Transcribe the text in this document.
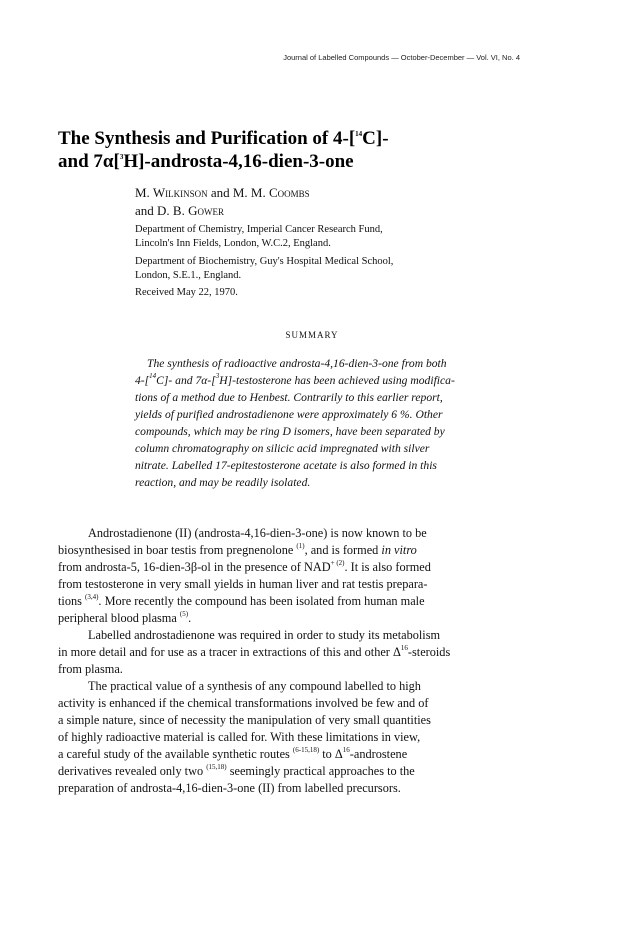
Journal of Labelled Compounds — October-December — Vol. VI, No. 4
The Synthesis and Purification of 4-[$^{14}$C]-
and 7α[$^3$H]-androsta-4,16-dien-3-one
M. Wilkinson and M. M. Coombs
and D. B. Gower
Department of Chemistry, Imperial Cancer Research Fund,
Lincoln's Inn Fields, London, W.C.2, England.
Department of Biochemistry, Guy's Hospital Medical School,
London, S.E.1., England.
Received May 22, 1970.
SUMMARY
The synthesis of radioactive androsta-4,16-dien-3-one from both
4-[$^{14}$C]- and 7α-[$^3$H]-testosterone has been achieved using modifica-
tions of a method due to Henbest. Contrarily to this earlier report,
yields of purified androstadienone were approximately 6 %. Other
compounds, which may be ring D isomers, have been separated by
column chromatography on silicic acid impregnated with silver
nitrate. Labelled 17-epitestosterone acetate is also formed in this
reaction, and may be readily isolated.
Androstadienone (II) (androsta-4,16-dien-3-one) is now known to be
biosynthesised in boar testis from pregnenolone $^{(1)}$, and is formed in vitro
from androsta-5, 16-dien-3β-ol in the presence of NAD+ $^{(2)}$. It is also formed
from testosterone in very small yields in human liver and rat testis prepara-
tions $^{(3,4)}$. More recently the compound has been isolated from human male
peripheral blood plasma $^{(5)}$.
Labelled androstadienone was required in order to study its metabolism
in more detail and for use as a tracer in extractions of this and other $\Delta^{16}$-steroids
from plasma.
The practical value of a synthesis of any compound labelled to high
activity is enhanced if the chemical transformations involved be few and of
a simple nature, since of necessity the manipulation of very small quantities
of highly radioactive material is called for. With these limitations in view,
a careful study of the available synthetic routes $^{(6-15,18)}$ to $\Delta^{16}$-androstene
derivatives revealed only two $^{(15,18)}$ seemingly practical approaches to the
preparation of androsta-4,16-dien-3-one (II) from labelled precursors.
